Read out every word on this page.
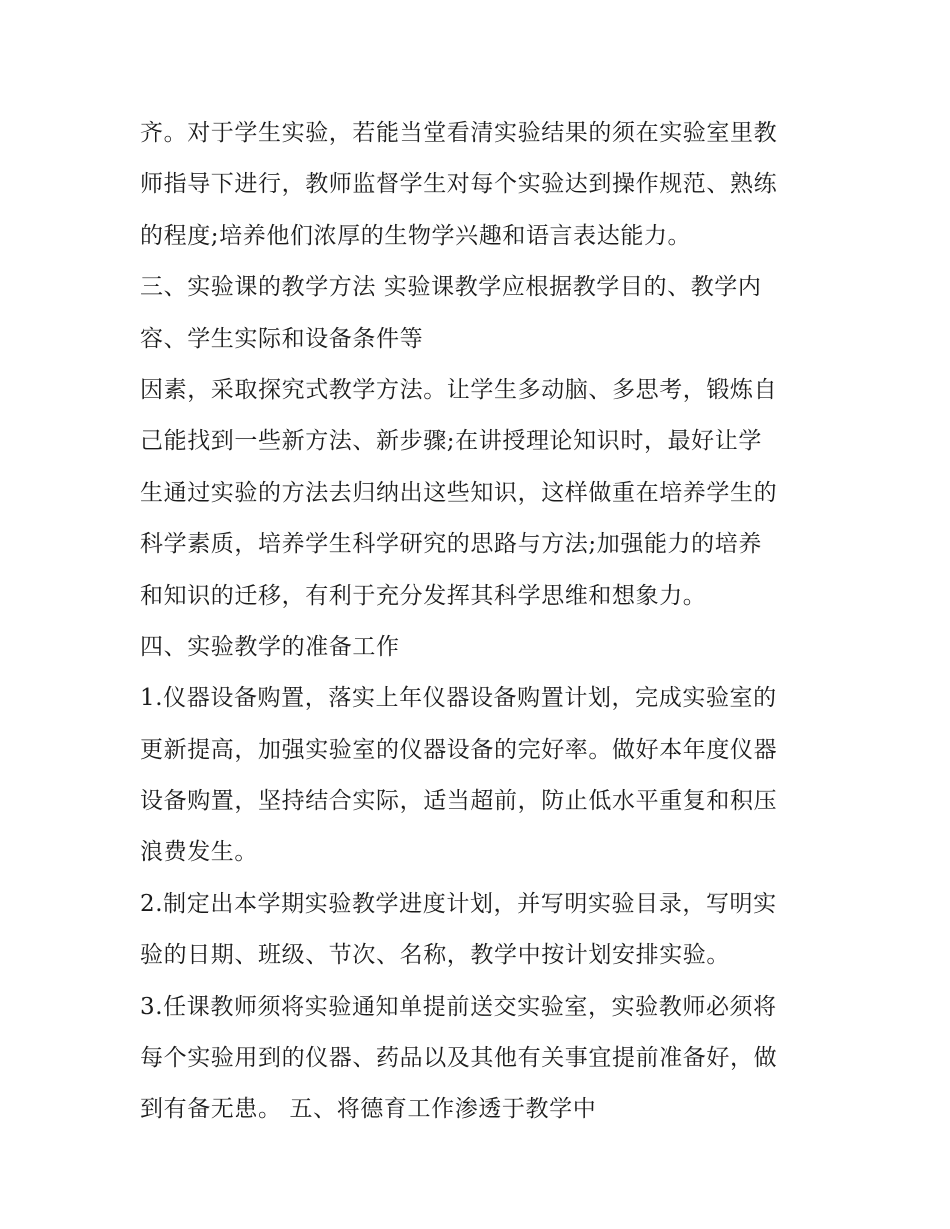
齐。对于学生实验，若能当堂看清实验结果的须在实验室里教
师指导下进行，教师监督学生对每个实验达到操作规范、熟练
的程度;培养他们浓厚的生物学兴趣和语言表达能力。
三、实验课的教学方法 实验课教学应根据教学目的、教学内
容、学生实际和设备条件等
因素，采取探究式教学方法。让学生多动脑、多思考，锻炼自
己能找到一些新方法、新步骤;在讲授理论知识时，最好让学
生通过实验的方法去归纳出这些知识，这样做重在培养学生的
科学素质，培养学生科学研究的思路与方法;加强能力的培养
和知识的迁移，有利于充分发挥其科学思维和想象力。
四、实验教学的准备工作
1.仪器设备购置，落实上年仪器设备购置计划，完成实验室的
更新提高，加强实验室的仪器设备的完好率。做好本年度仪器
设备购置，坚持结合实际，适当超前，防止低水平重复和积压
浪费发生。
2.制定出本学期实验教学进度计划，并写明实验目录，写明实
验的日期、班级、节次、名称，教学中按计划安排实验。
3.任课教师须将实验通知单提前送交实验室，实验教师必须将
每个实验用到的仪器、药品以及其他有关事宜提前准备好，做
到有备无患。 五、将德育工作渗透于教学中
